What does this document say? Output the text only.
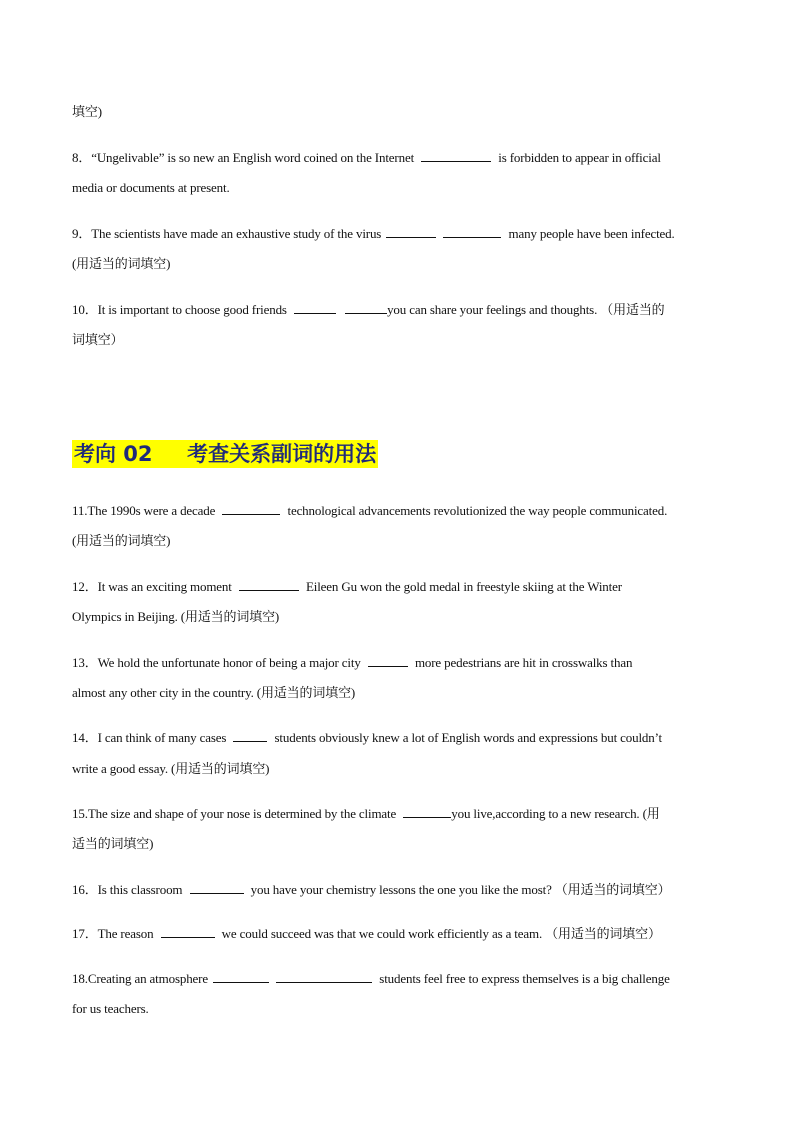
填空)
8．“Ungelivable” is so new an English word coined on the Internet	is forbidden to appear in official
media or documents at present.
9．The scientists have made an exhaustive study of the virus	many people have been infected.
(用适当的词填空)
10．It is important to choose good friends	you can share your feelings and thoughts. （用适当的
词填空）
考向 02 考查关系副词的用法
11.The 1990s were a decade	technological advancements revolutionized the way people communicated.
(用适当的词填空)
12．It was an exciting moment	Eileen Gu won the gold medal in freestyle skiing at the Winter
Olympics in Beijing. (用适当的词填空)
13．We hold the unfortunate honor of being a major city	more pedestrians are hit in crosswalks than
almost any other city in the country. (用适当的词填空)
14．I can think of many cases	students obviously knew a lot of English words and expressions but couldn’t
write a good essay. (用适当的词填空)
15.The size and shape of your nose is determined by the climate	you live,according to a new research. (用
适当的词填空)
16．Is this classroom	you have your chemistry lessons the one you like the most? （用适当的词填空）
17．The reason	we could succeed was that we could work efficiently as a team. （用适当的词填空）
18.Creating an atmosphere	students feel free to express themselves is a big challenge
for us teachers.
